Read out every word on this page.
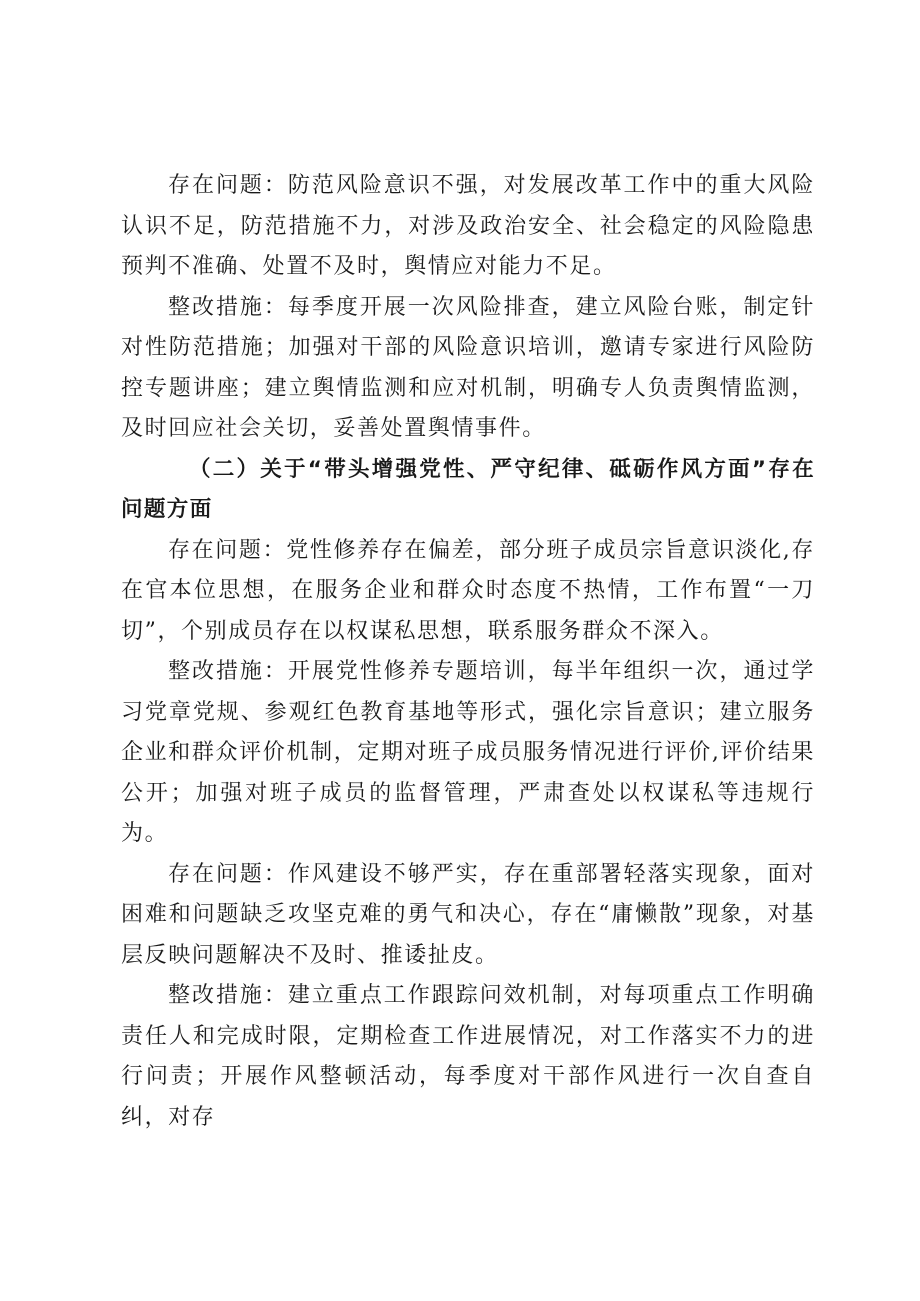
存在问题：防范风险意识不强，对发展改革工作中的重大风险认识不足，防范措施不力，对涉及政治安全、社会稳定的风险隐患预判不准确、处置不及时，舆情应对能力不足。

整改措施：每季度开展一次风险排查，建立风险台账，制定针对性防范措施；加强对干部的风险意识培训，邀请专家进行风险防控专题讲座；建立舆情监测和应对机制，明确专人负责舆情监测，及时回应社会关切，妥善处置舆情事件。

（二）关于“带头增强党性、严守纪律、砥砺作风方面”存在问题方面

存在问题：党性修养存在偏差，部分班子成员宗旨意识淡化,存在官本位思想，在服务企业和群众时态度不热情，工作布置“一刀切”，个别成员存在以权谋私思想，联系服务群众不深入。

整改措施：开展党性修养专题培训，每半年组织一次，通过学习党章党规、参观红色教育基地等形式，强化宗旨意识；建立服务企业和群众评价机制，定期对班子成员服务情况进行评价,评价结果公开；加强对班子成员的监督管理，严肃查处以权谋私等违规行为。

存在问题：作风建设不够严实，存在重部署轻落实现象，面对困难和问题缺乏攻坚克难的勇气和决心，存在“庸懒散”现象，对基层反映问题解决不及时、推诿扯皮。

整改措施：建立重点工作跟踪问效机制，对每项重点工作明确责任人和完成时限，定期检查工作进展情况，对工作落实不力的进行问责；开展作风整顿活动，每季度对干部作风进行一次自查自纠，对存
